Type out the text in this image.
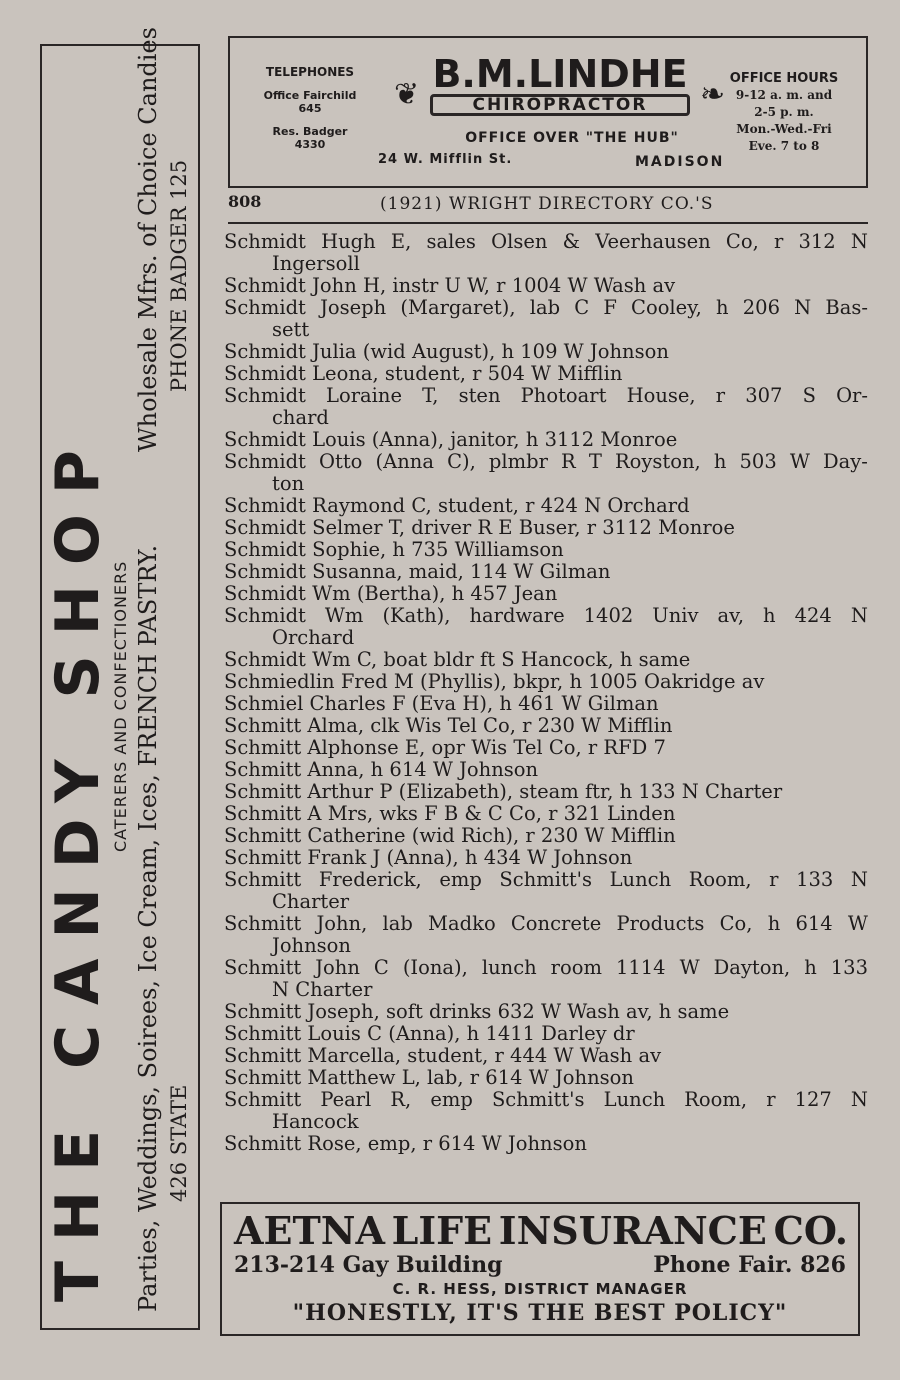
THE CANDY SHOP
CATERERS AND CONFECTIONERS Parties, Weddings, Soirees, Ice Cream, Ices, FRENCH PASTRY.
Wholesale Mfrs. of Choice Candies
426 STATE
PHONE BADGER 125
TELEPHONES
Office Fairchild
645
Res. Badger
4330
❦ B.M.LINDHE
CHIROPRACTOR	❧
OFFICE OVER "THE HUB"
24 W. Mifflin St.	MADISON
OFFICE HOURS
9-12 a. m. and
2-5 p. m.
Mon.-Wed.-Fri
Eve. 7 to 8
808	(1921) WRIGHT DIRECTORY CO.'S
Schmidt Hugh E, sales Olsen & Veerhausen Co, r 312 N
Ingersoll
Schmidt John H, instr U W, r 1004 W Wash av
Schmidt Joseph (Margaret), lab C F Cooley, h 206 N Bas-
sett
Schmidt Julia (wid August), h 109 W Johnson
Schmidt Leona, student, r 504 W Mifflin
Schmidt Loraine T, sten Photoart House, r 307 S Or-
chard
Schmidt Louis (Anna), janitor, h 3112 Monroe
Schmidt Otto (Anna C), plmbr R T Royston, h 503 W Day-
ton
Schmidt Raymond C, student, r 424 N Orchard
Schmidt Selmer T, driver R E Buser, r 3112 Monroe
Schmidt Sophie, h 735 Williamson
Schmidt Susanna, maid, 114 W Gilman
Schmidt Wm (Bertha), h 457 Jean
Schmidt Wm (Kath), hardware 1402 Univ av, h 424 N
Orchard
Schmidt Wm C, boat bldr ft S Hancock, h same
Schmiedlin Fred M (Phyllis), bkpr, h 1005 Oakridge av
Schmiel Charles F (Eva H), h 461 W Gilman
Schmitt Alma, clk Wis Tel Co, r 230 W Mifflin
Schmitt Alphonse E, opr Wis Tel Co, r RFD 7
Schmitt Anna, h 614 W Johnson
Schmitt Arthur P (Elizabeth), steam ftr, h 133 N Charter
Schmitt A Mrs, wks F B & C Co, r 321 Linden
Schmitt Catherine (wid Rich), r 230 W Mifflin
Schmitt Frank J (Anna), h 434 W Johnson
Schmitt Frederick, emp Schmitt's Lunch Room, r 133 N
Charter
Schmitt John, lab Madko Concrete Products Co, h 614 W
Johnson
Schmitt John C (Iona), lunch room 1114 W Dayton, h 133
N Charter
Schmitt Joseph, soft drinks 632 W Wash av, h same
Schmitt Louis C (Anna), h 1411 Darley dr
Schmitt Marcella, student, r 444 W Wash av
Schmitt Matthew L, lab, r 614 W Johnson
Schmitt Pearl R, emp Schmitt's Lunch Room, r 127 N
Hancock
Schmitt Rose, emp, r 614 W Johnson
AETNA LIFE INSURANCE CO.
213-214 Gay Building	Phone Fair. 826
C. R. HESS, DISTRICT MANAGER
"HONESTLY, IT'S THE BEST POLICY"
